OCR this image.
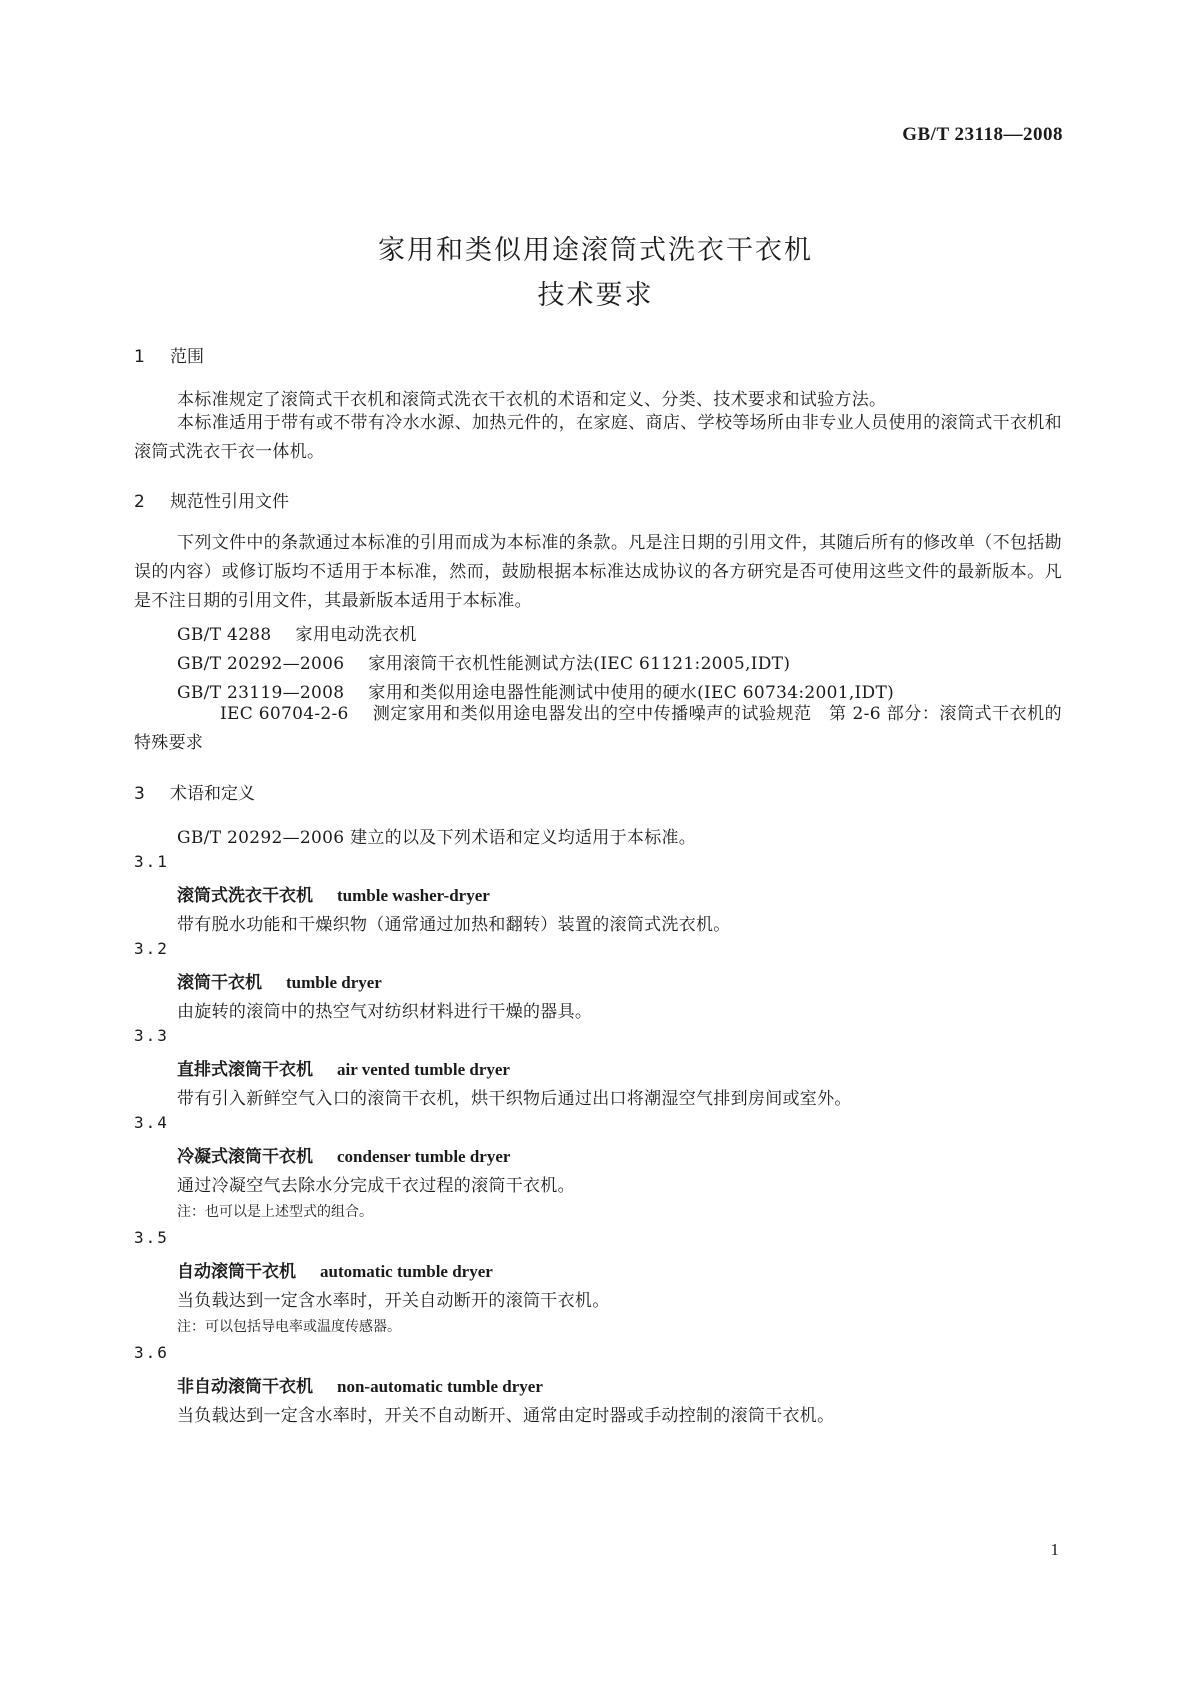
GB/T 23118—2008
家用和类似用途滚筒式洗衣干衣机
技术要求
1 范围
本标准规定了滚筒式干衣机和滚筒式洗衣干衣机的术语和定义、分类、技术要求和试验方法。
本标准适用于带有或不带有冷水水源、加热元件的，在家庭、商店、学校等场所由非专业人员使用的滚筒式干衣机和滚筒式洗衣干衣一体机。
2 规范性引用文件
下列文件中的条款通过本标准的引用而成为本标准的条款。凡是注日期的引用文件，其随后所有的修改单（不包括勘误的内容）或修订版均不适用于本标准，然而，鼓励根据本标准达成协议的各方研究是否可使用这些文件的最新版本。凡是不注日期的引用文件，其最新版本适用于本标准。
GB/T 4288 家用电动洗衣机
GB/T 20292—2006 家用滚筒干衣机性能测试方法(IEC 61121:2005,IDT)
GB/T 23119—2008 家用和类似用途电器性能测试中使用的硬水(IEC 60734:2001,IDT)
IEC 60704-2-6 测定家用和类似用途电器发出的空中传播噪声的试验规范　第 2-6 部分：滚筒式干衣机的特殊要求
3 术语和定义
GB/T 20292—2006 建立的以及下列术语和定义均适用于本标准。
3.1
滚筒式洗衣干衣机 tumble washer-dryer
带有脱水功能和干燥织物（通常通过加热和翻转）装置的滚筒式洗衣机。
3.2
滚筒干衣机 tumble dryer
由旋转的滚筒中的热空气对纺织材料进行干燥的器具。
3.3
直排式滚筒干衣机 air vented tumble dryer
带有引入新鲜空气入口的滚筒干衣机，烘干织物后通过出口将潮湿空气排到房间或室外。
3.4
冷凝式滚筒干衣机 condenser tumble dryer
通过冷凝空气去除水分完成干衣过程的滚筒干衣机。
注：也可以是上述型式的组合。
3.5
自动滚筒干衣机 automatic tumble dryer
当负载达到一定含水率时，开关自动断开的滚筒干衣机。
注：可以包括导电率或温度传感器。
3.6
非自动滚筒干衣机 non-automatic tumble dryer
当负载达到一定含水率时，开关不自动断开、通常由定时器或手动控制的滚筒干衣机。
1
